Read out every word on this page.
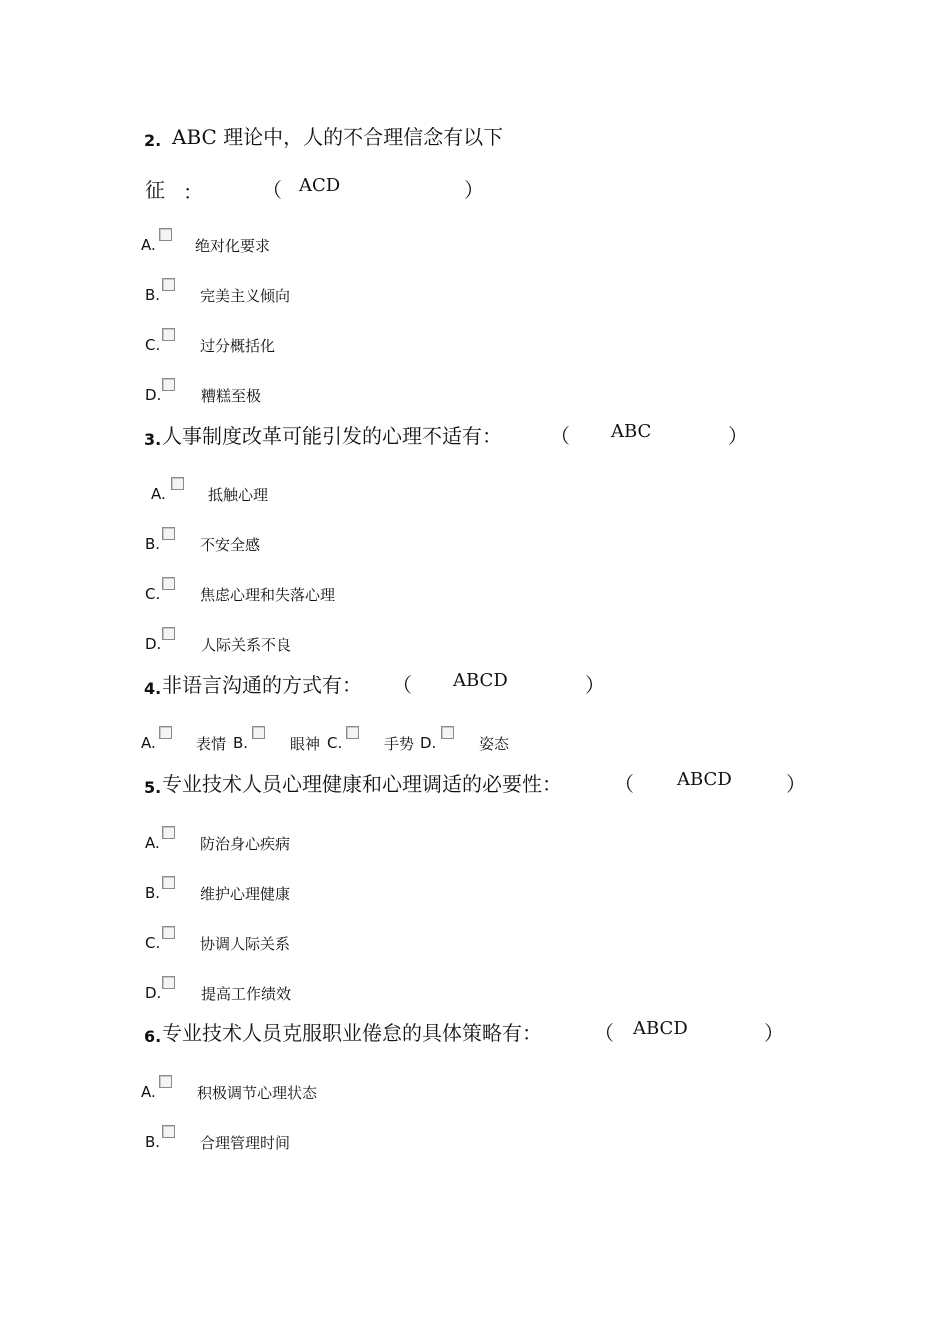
2. ABC 理论中，人的不合理信念有以下
征 ：	（ ACD	）
A.	绝对化要求
B.	完美主义倾向
C.	过分概括化
D.	糟糕至极
3. 人事制度改革可能引发的心理不适有： （ ABC	）
A.	抵触心理
B.	不安全感
C.	焦虑心理和失落心理
D.	人际关系不良
4. 非语言沟通的方式有： （ ABCD	）
A.	表情 B.	眼神 C.	手势 D.	姿态
5. 专业技术人员心理健康和心理调适的必要性：	（ ABCD	）
A.	防治身心疾病
B.	维护心理健康
C.	协调人际关系
D.	提高工作绩效
6. 专业技术人员克服职业倦怠的具体策略有：	（ ABCD	）
A.	积极调节心理状态
B.	合理管理时间
